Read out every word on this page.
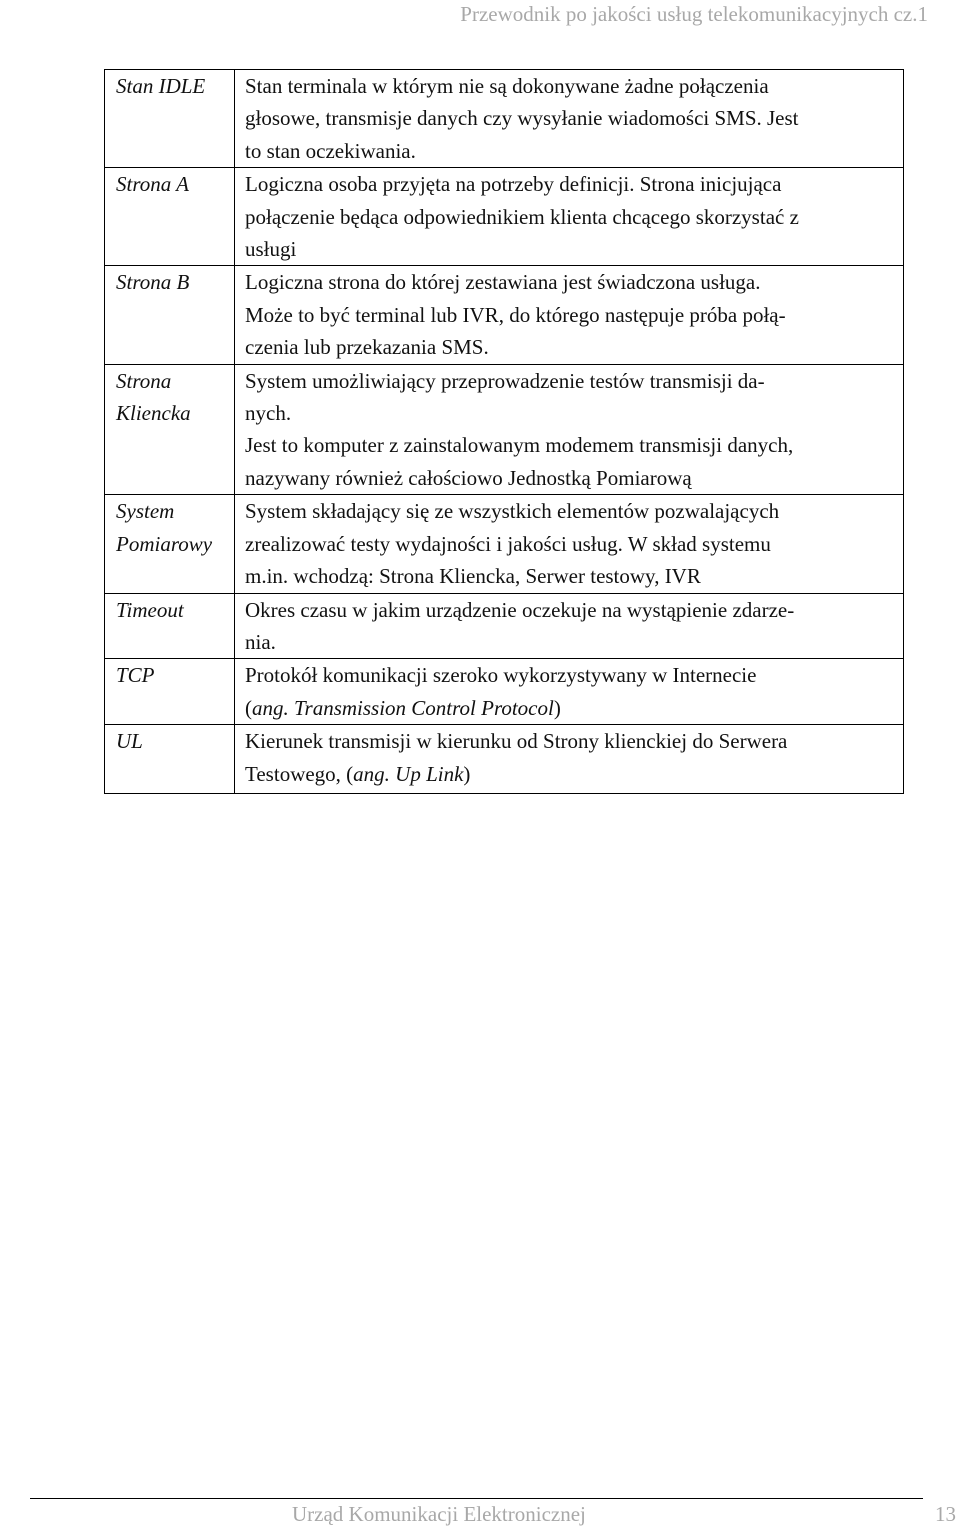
Przewodnik po jakości usług telekomunikacyjnych cz.1
Stan IDLE	Stan terminala w którym nie są dokonywane żadne połączenia
głosowe, transmisje danych czy wysyłanie wiadomości SMS. Jest
to stan oczekiwania.

Strona A	Logiczna osoba przyjęta na potrzeby definicji. Strona inicjująca
połączenie będąca odpowiednikiem klienta chcącego skorzystać z
usługi

Strona B	Logiczna strona do której zestawiana jest świadczona usługa.
Może to być terminal lub IVR, do którego następuje próba połą-
czenia lub przekazania SMS.

Strona
Kliencka	System umożliwiający przeprowadzenie testów transmisji da-
nych.
Jest to komputer z zainstalowanym modemem transmisji danych,
nazywany również całościowo Jednostką Pomiarową

System
Pomiarowy	System składający się ze wszystkich elementów pozwalających
zrealizować testy wydajności i jakości usług. W skład systemu
m.in. wchodzą: Strona Kliencka, Serwer testowy, IVR

Timeout	Okres czasu w jakim urządzenie oczekuje na wystąpienie zdarze-
nia.

TCP	Protokół komunikacji szeroko wykorzystywany w Internecie
(ang. Transmission Control Protocol)

UL	Kierunek transmisji w kierunku od Strony klienckiej do Serwera
Testowego, (ang. Up Link)
Urząd Komunikacji Elektronicznej	13
